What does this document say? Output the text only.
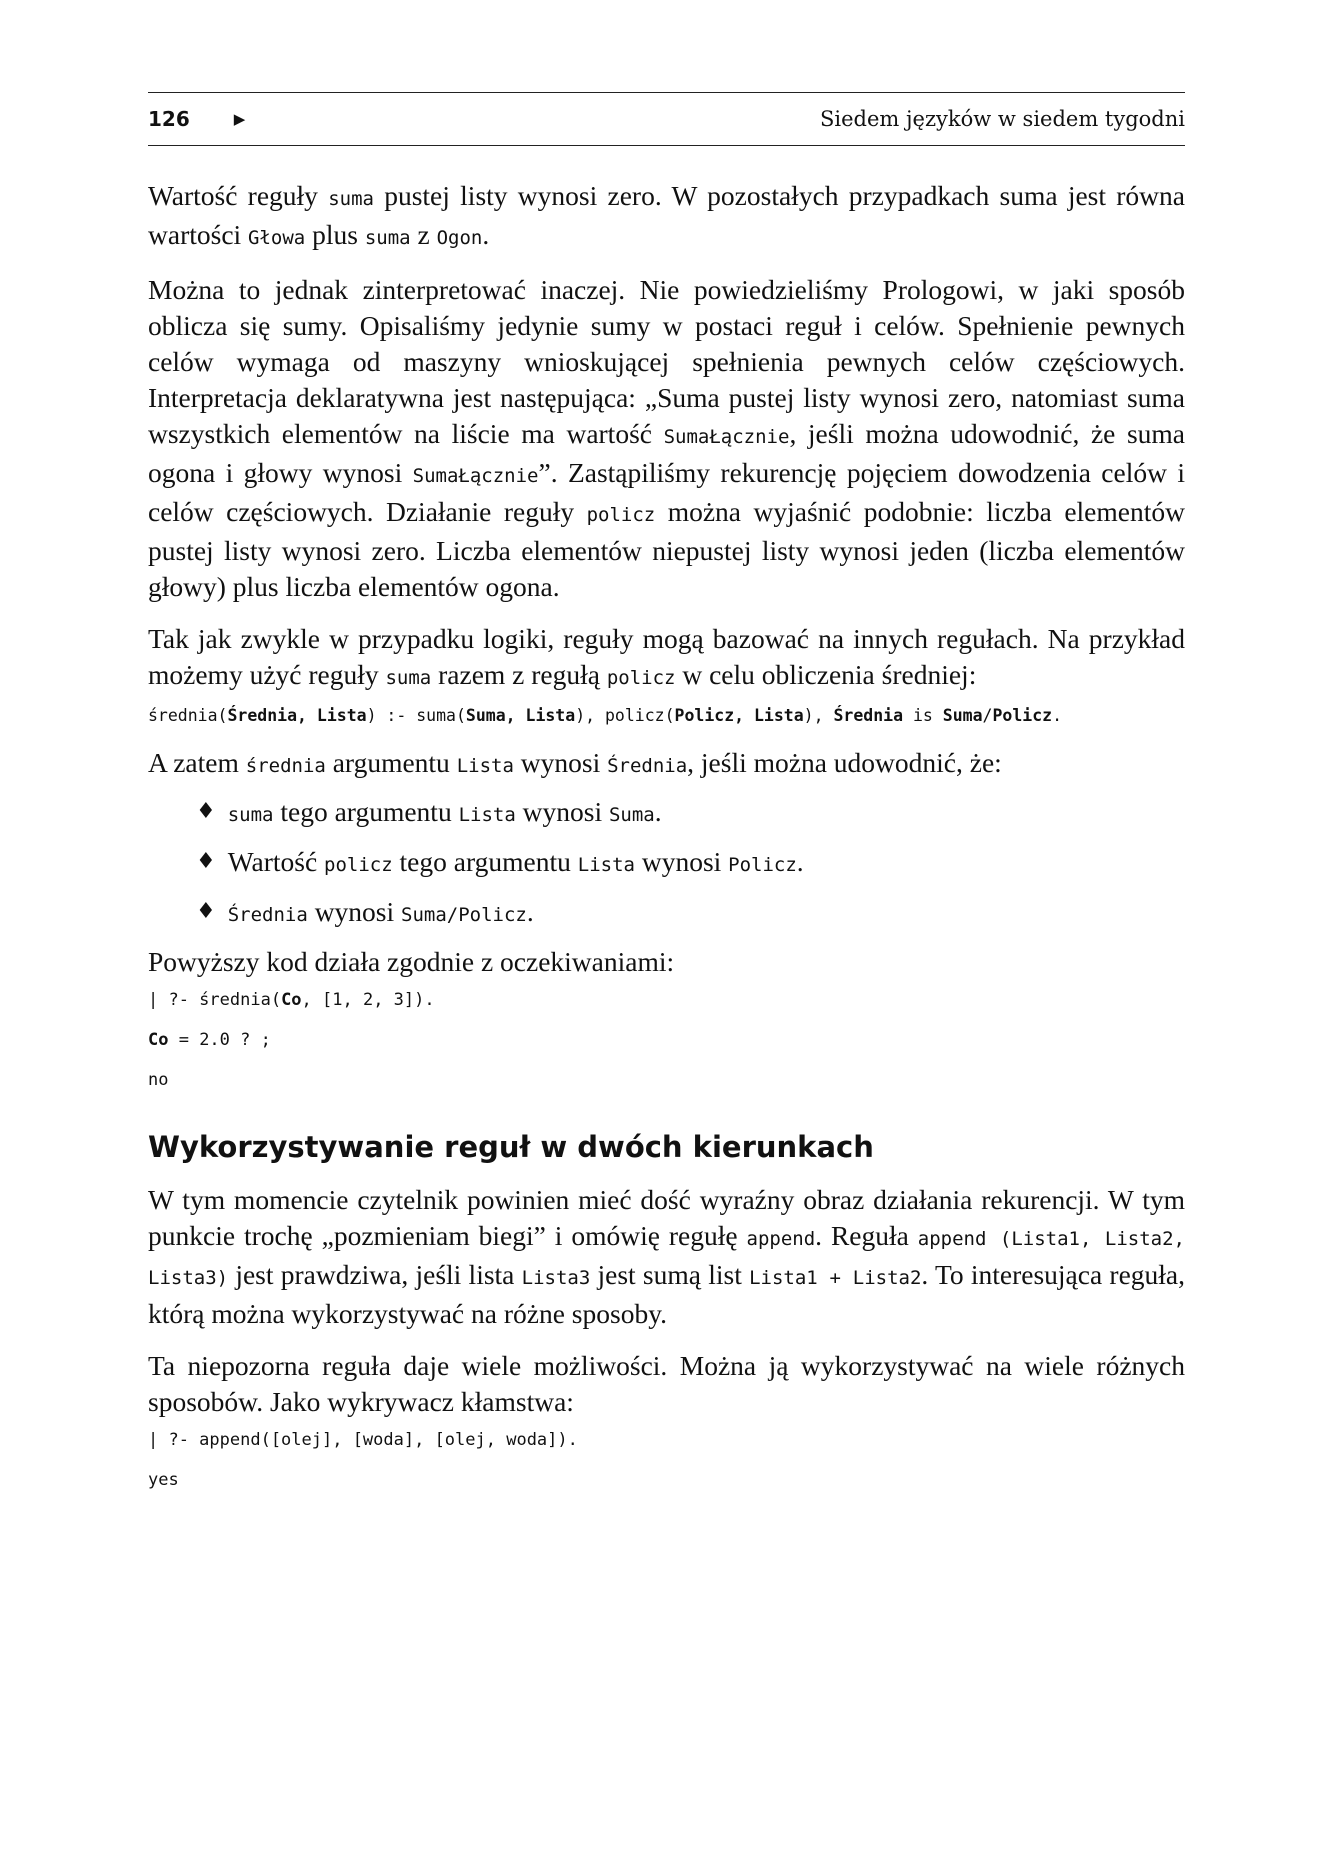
126	▶	Siedem języków w siedem tygodni

Wartość reguły suma pustej listy wynosi zero. W pozostałych przypadkach suma jest równa wartości Głowa plus suma z Ogon.

Można to jednak zinterpretować inaczej. Nie powiedzieliśmy Prologowi, w jaki sposób oblicza się sumy. Opisaliśmy jedynie sumy w postaci reguł i celów. Spełnienie pewnych celów wymaga od maszyny wnioskującej spełnienia pewnych celów częściowych. Interpretacja deklaratywna jest następująca: „Suma pustej listy wynosi zero, natomiast suma wszystkich elementów na liście ma wartość SumaŁącznie, jeśli można udowodnić, że suma ogona i głowy wynosi SumaŁącznie”. Zastąpiliśmy rekurencję pojęciem dowodzenia celów i celów częściowych. Działanie reguły policz można wyjaśnić podobnie: liczba elementów pustej listy wynosi zero. Liczba elementów niepustej listy wynosi jeden (liczba elementów głowy) plus liczba elementów ogona.

Tak jak zwykle w przypadku logiki, reguły mogą bazować na innych regułach. Na przykład możemy użyć reguły suma razem z regułą policz w celu obliczenia średniej:

średnia(Średnia, Lista) :- suma(Suma, Lista), policz(Policz, Lista), Średnia is Suma/Policz.

A zatem średnia argumentu Lista wynosi Średnia, jeśli można udowodnić, że:

♦ suma tego argumentu Lista wynosi Suma.
♦ Wartość policz tego argumentu Lista wynosi Policz.
♦ Średnia wynosi Suma/Policz.

Powyższy kod działa zgodnie z oczekiwaniami:

| ?- średnia(Co, [1, 2, 3]).
Co = 2.0 ? ;
no
Wykorzystywanie reguł w dwóch kierunkach

W tym momencie czytelnik powinien mieć dość wyraźny obraz działania rekurencji. W tym punkcie trochę „pozmieniam biegi” i omówię regułę append. Reguła append (Lista1, Lista2, Lista3) jest prawdziwa, jeśli lista Lista3 jest sumą list Lista1 + Lista2. To interesująca reguła, którą można wykorzystywać na różne sposoby.

Ta niepozorna reguła daje wiele możliwości. Można ją wykorzystywać na wiele różnych sposobów. Jako wykrywacz kłamstwa:

| ?- append([olej], [woda], [olej, woda]).
yes
